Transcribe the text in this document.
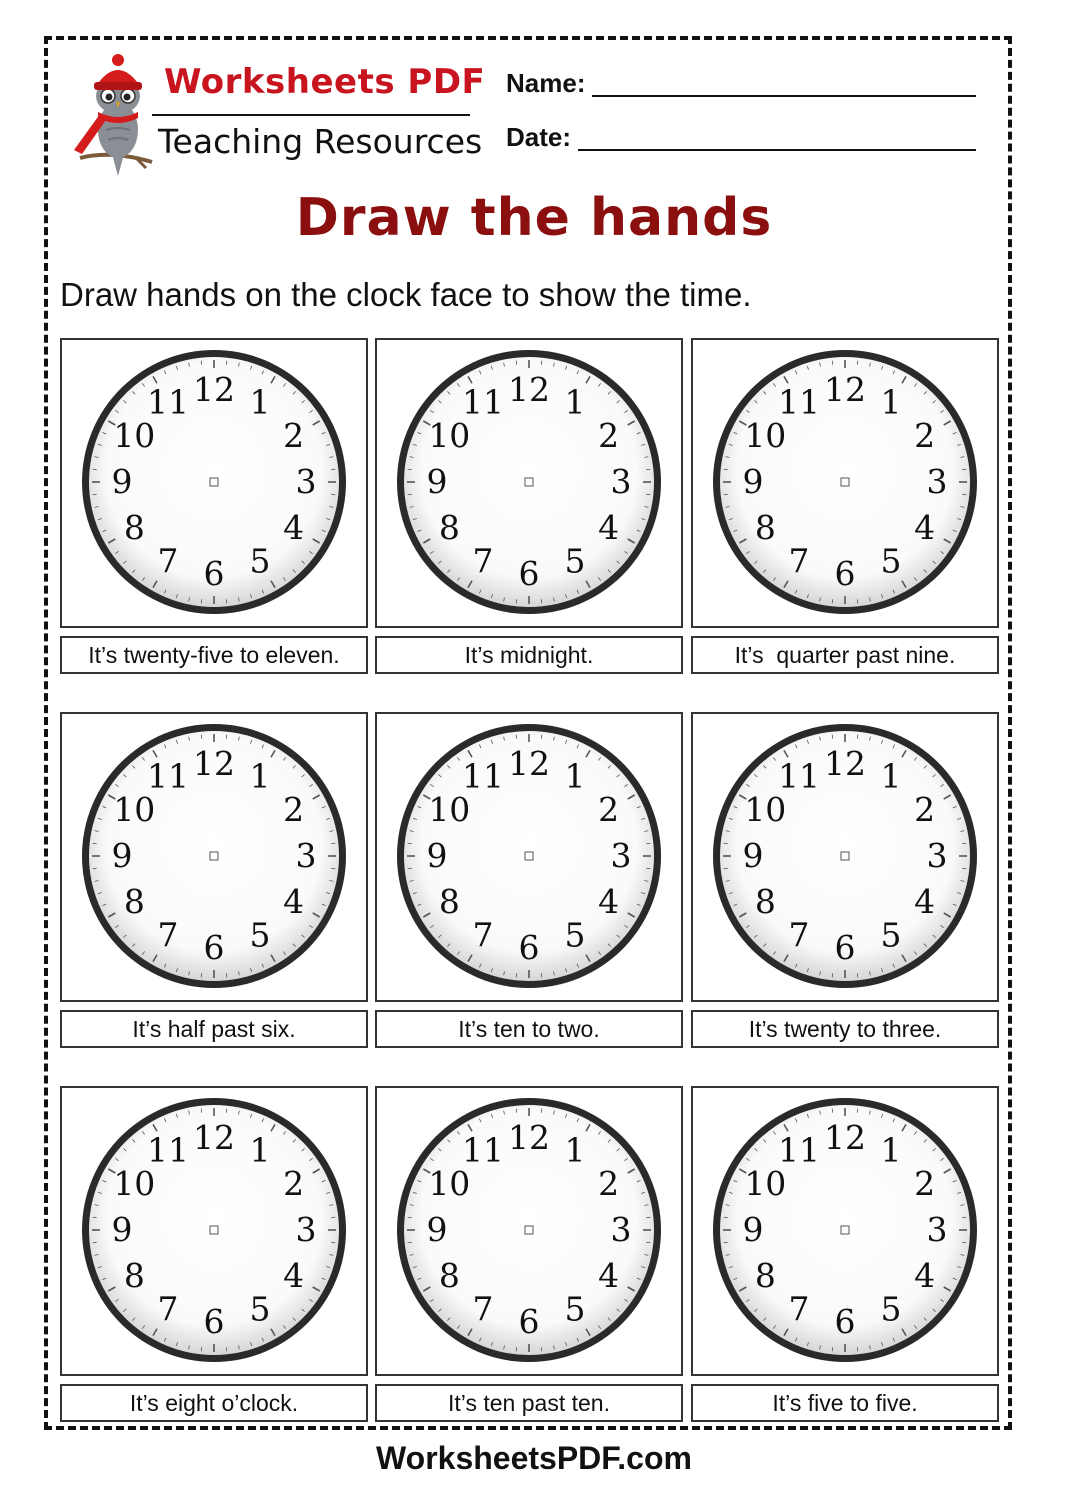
Worksheets PDF
Teaching Resources
Name:
Date:
Draw the hands
Draw hands on the clock face to show the time.
12 1
2
3
4
5
6
7
8
9
10
11
It’s twenty-five to eleven.
12 1
2
3
4
5
6
7
8
9
10
11
It’s midnight.
12 1
2
3
4
5
6
7
8
9
10
11
It’s  quarter past nine.
12 1
2
3
4
5
6
7
8
9
10
11
It’s half past six.
12 1
2
3
4
5
6
7
8
9
10
11
It’s ten to two.
12 1
2
3
4
5
6
7
8
9
10
11
It’s twenty to three.
12 1
2
3
4
5
6
7
8
9
10
11
It’s eight o’clock.
12 1
2
3
4
5
6
7
8
9
10
11
It’s ten past ten.
12 1
2
3
4
5
6
7
8
9
10
11
It’s five to five.
WorksheetsPDF.com
